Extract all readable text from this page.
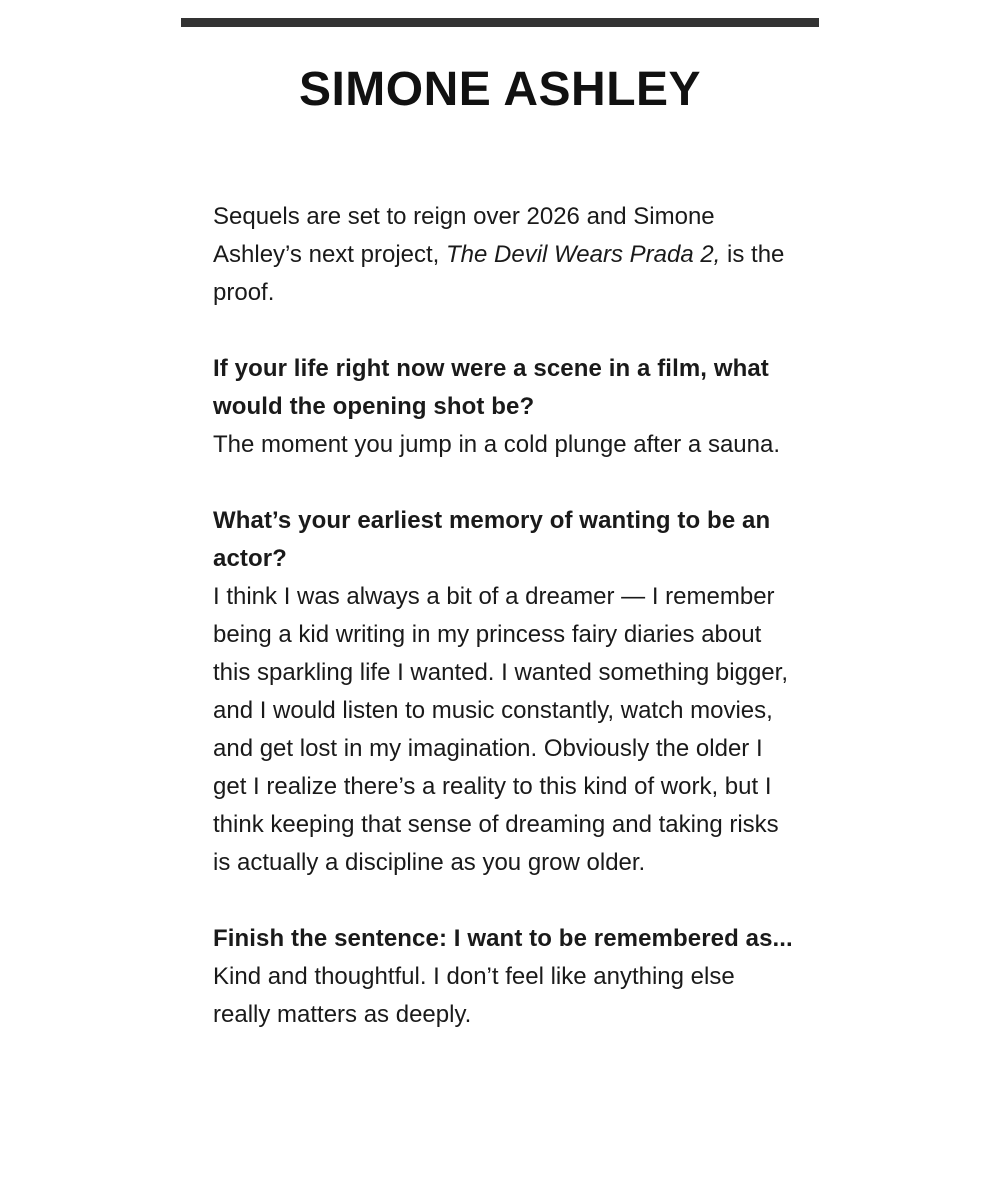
SIMONE ASHLEY

Sequels are set to reign over 2026 and Simone Ashley’s next project, The Devil Wears Prada 2, is the proof.

If your life right now were a scene in a film, what would the opening shot be?
The moment you jump in a cold plunge after a sauna.
What’s your earliest memory of wanting to be an actor?
I think I was always a bit of a dreamer — I remember being a kid writing in my princess fairy diaries about this sparkling life I wanted. I wanted something bigger, and I would listen to music constantly, watch movies, and get lost in my imagination. Obviously the older I get I realize there’s a reality to this kind of work, but I think keeping that sense of dreaming and taking risks is actually a discipline as you grow older.
Finish the sentence: I want to be remembered as...
Kind and thoughtful. I don’t feel like anything else really matters as deeply.
